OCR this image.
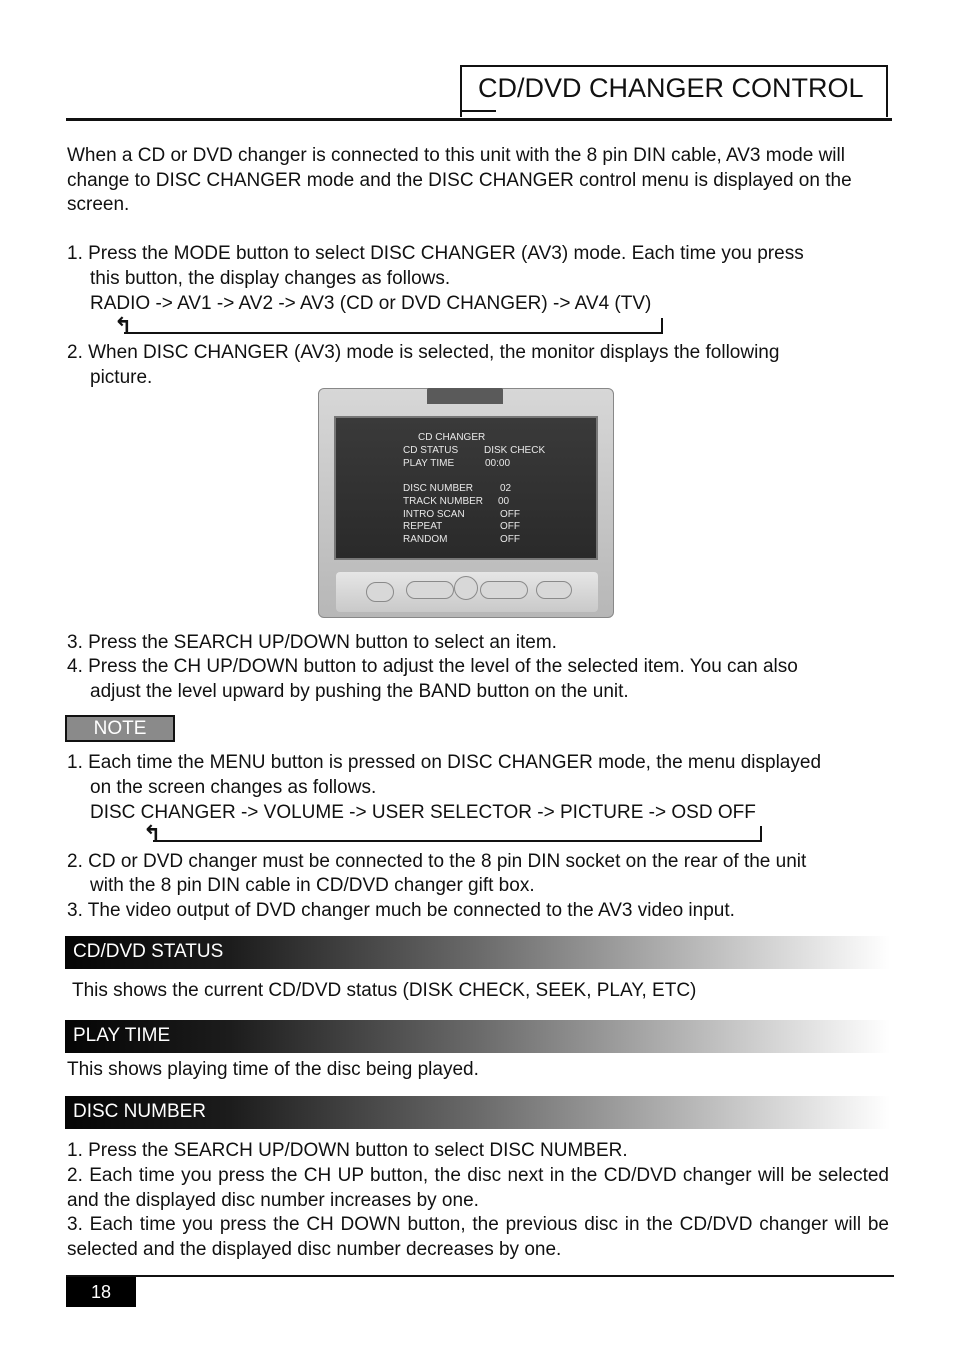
CD/DVD CHANGER CONTROL

When a CD or DVD changer is connected to this unit with the 8 pin DIN cable, AV3 mode will change to DISC CHANGER mode and the DISC CHANGER control menu is displayed on the screen.

1. Press the MODE button to select DISC CHANGER (AV3) mode. Each time you press

this button, the display changes as follows.

RADIO -> AV1 -> AV2 -> AV3 (CD or DVD CHANGER) -> AV4 (TV)

↰

2. When DISC CHANGER (AV3) mode is selected, the monitor displays the following

picture.

CD CHANGER
CD STATUS	DISK CHECK
PLAY TIME	00:00
DISC NUMBER	02
TRACK NUMBER 00
INTRO SCAN	OFF
REPEAT	OFF
RANDOM	OFF

3. Press the SEARCH UP/DOWN button to select an item.

4. Press the CH UP/DOWN button to adjust the level of the selected item. You can also

adjust the level upward by pushing the BAND button on the unit.

NOTE

1. Each time the MENU button is pressed on DISC CHANGER mode, the menu displayed

on the screen changes as follows.

DISC CHANGER -> VOLUME -> USER SELECTOR -> PICTURE -> OSD OFF

↰

2. CD or DVD changer must be connected to the 8 pin DIN socket on the rear of the unit

with the 8 pin DIN cable in CD/DVD changer gift box.

3. The video output of DVD changer much be connected to the AV3 video input.

CD/DVD STATUS

This shows the current CD/DVD status (DISK CHECK, SEEK, PLAY, ETC)

PLAY TIME

This shows playing time of the disc being played.

DISC NUMBER

1. Press the SEARCH UP/DOWN button to select DISC NUMBER.

2. Each time you press the CH UP button, the disc next in the CD/DVD changer will be selected and the displayed disc number increases by one.

3. Each time you press the CH DOWN button, the previous disc in the CD/DVD changer will be selected and the displayed disc number decreases by one.

18
